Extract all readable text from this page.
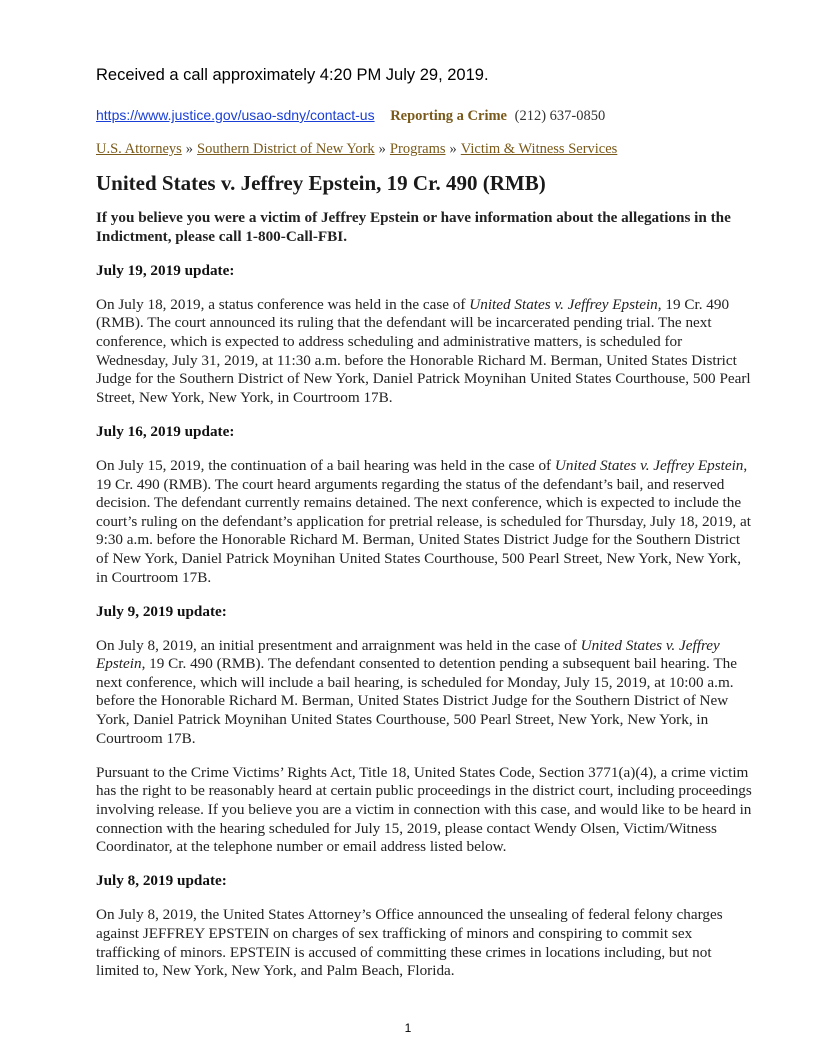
Received a call approximately 4:20 PM July 29, 2019.
https://www.justice.gov/usao-sdny/contact-us Reporting a Crime (212) 637-0850
U.S. Attorneys » Southern District of New York » Programs » Victim & Witness Services
United States v. Jeffrey Epstein, 19 Cr. 490 (RMB)

If you believe you were a victim of Jeffrey Epstein or have information about the allegations in the Indictment, please call 1-800-Call-FBI.

July 19, 2019 update:

On July 18, 2019, a status conference was held in the case of United States v. Jeffrey Epstein, 19 Cr. 490 (RMB). The court announced its ruling that the defendant will be incarcerated pending trial. The next conference, which is expected to address scheduling and administrative matters, is scheduled for Wednesday, July 31, 2019, at 11:30 a.m. before the Honorable Richard M. Berman, United States District Judge for the Southern District of New York, Daniel Patrick Moynihan United States Courthouse, 500 Pearl Street, New York, New York, in Courtroom 17B.

July 16, 2019 update:

On July 15, 2019, the continuation of a bail hearing was held in the case of United States v. Jeffrey Epstein, 19 Cr. 490 (RMB). The court heard arguments regarding the status of the defendant’s bail, and reserved decision. The defendant currently remains detained. The next conference, which is expected to include the court’s ruling on the defendant’s application for pretrial release, is scheduled for Thursday, July 18, 2019, at 9:30 a.m. before the Honorable Richard M. Berman, United States District Judge for the Southern District of New York, Daniel Patrick Moynihan United States Courthouse, 500 Pearl Street, New York, New York, in Courtroom 17B.

July 9, 2019 update:

On July 8, 2019, an initial presentment and arraignment was held in the case of United States v. Jeffrey Epstein, 19 Cr. 490 (RMB). The defendant consented to detention pending a subsequent bail hearing. The next conference, which will include a bail hearing, is scheduled for Monday, July 15, 2019, at 10:00 a.m. before the Honorable Richard M. Berman, United States District Judge for the Southern District of New York, Daniel Patrick Moynihan United States Courthouse, 500 Pearl Street, New York, New York, in Courtroom 17B.

Pursuant to the Crime Victims’ Rights Act, Title 18, United States Code, Section 3771(a)(4), a crime victim has the right to be reasonably heard at certain public proceedings in the district court, including proceedings involving release. If you believe you are a victim in connection with this case, and would like to be heard in connection with the hearing scheduled for July 15, 2019, please contact Wendy Olsen, Victim/Witness Coordinator, at the telephone number or email address listed below.

July 8, 2019 update:

On July 8, 2019, the United States Attorney’s Office announced the unsealing of federal felony charges against JEFFREY EPSTEIN on charges of sex trafficking of minors and conspiring to commit sex trafficking of minors. EPSTEIN is accused of committing these crimes in locations including, but not limited to, New York, New York, and Palm Beach, Florida.

1
